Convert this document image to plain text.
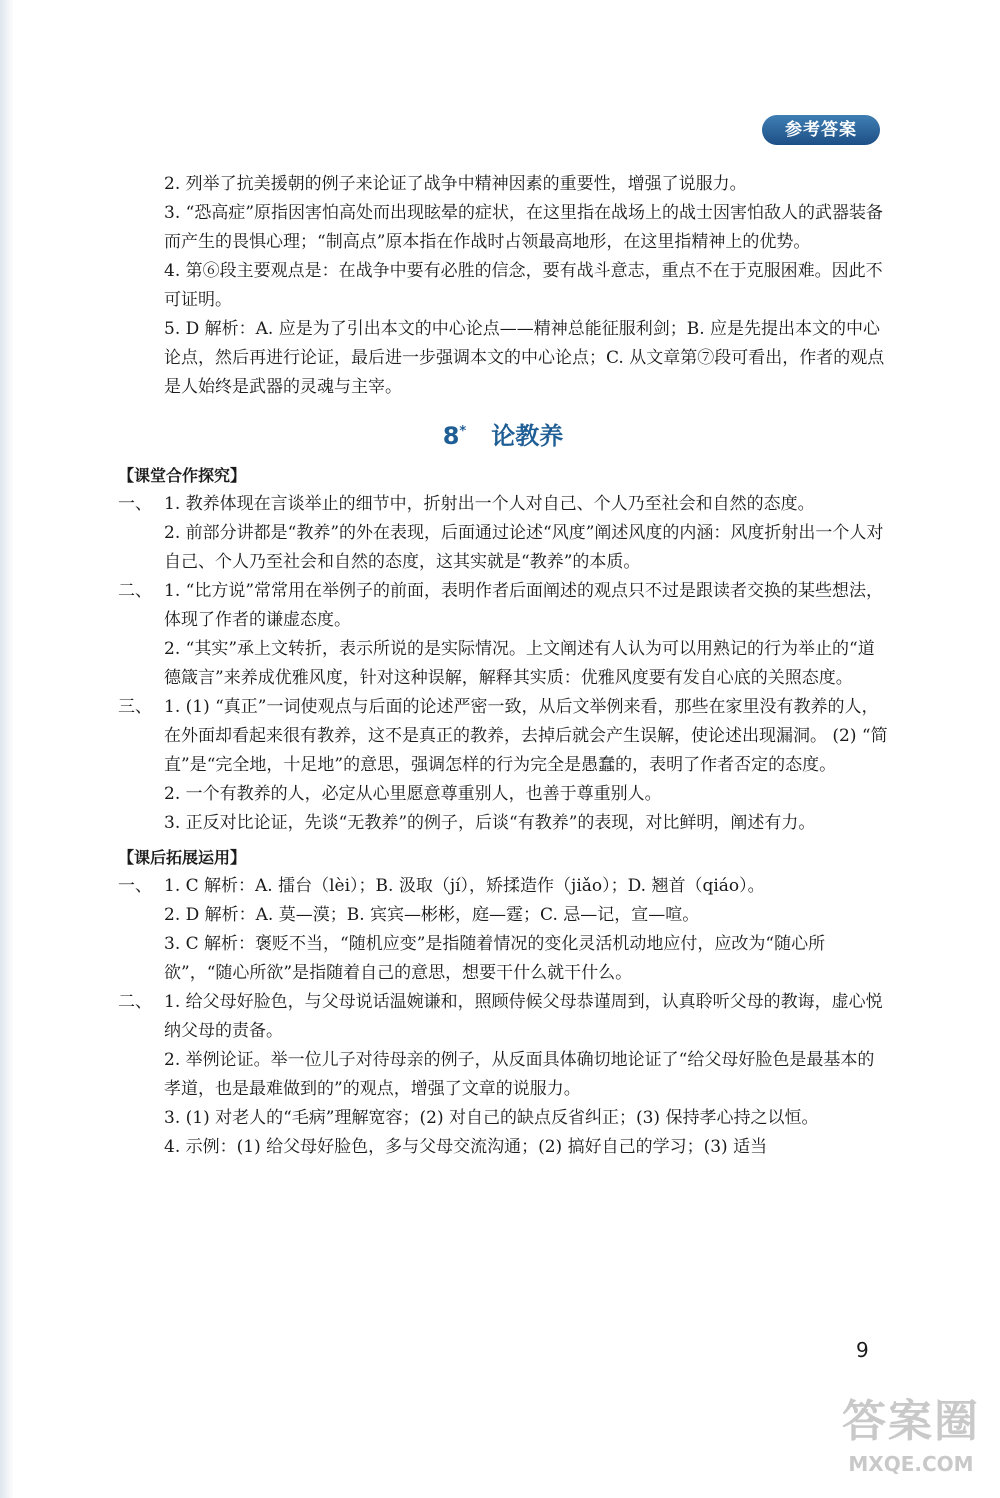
参考答案

2. 列举了抗美援朝的例子来论证了战争中精神因素的重要性，增强了说服力。

3. “恐高症”原指因害怕高处而出现眩晕的症状，在这里指在战场上的战士因害怕敌人的武器装备而产生的畏惧心理；“制高点”原本指在作战时占领最高地形，在这里指精神上的优势。

4. 第⑥段主要观点是：在战争中要有必胜的信念，要有战斗意志，重点不在于克服困难。因此不可证明。

5. D 解析：A. 应是为了引出本文的中心论点——精神总能征服利剑；B. 应是先提出本文的中心论点，然后再进行论证，最后进一步强调本文的中心论点；C. 从文章第⑦段可看出，作者的观点是人始终是武器的灵魂与主宰。

8* 论教养
【课堂合作探究】

一、 1. 教养体现在言谈举止的细节中，折射出一个人对自己、个人乃至社会和自然的态度。

2. 前部分讲都是“教养”的外在表现，后面通过论述“风度”阐述风度的内涵：风度折射出一个人对自己、个人乃至社会和自然的态度，这其实就是“教养”的本质。

二、 1. “比方说”常常用在举例子的前面，表明作者后面阐述的观点只不过是跟读者交换的某些想法，体现了作者的谦虚态度。

2. “其实”承上文转折，表示所说的是实际情况。上文阐述有人认为可以用熟记的行为举止的“道德箴言”来养成优雅风度，针对这种误解，解释其实质：优雅风度要有发自心底的关照态度。

三、 1. (1) “真正”一词使观点与后面的论述严密一致，从后文举例来看，那些在家里没有教养的人，在外面却看起来很有教养，这不是真正的教养，去掉后就会产生误解，使论述出现漏洞。 (2) “简直”是“完全地，十足地”的意思，强调怎样的行为完全是愚蠢的，表明了作者否定的态度。

2. 一个有教养的人，必定从心里愿意尊重别人，也善于尊重别人。

3. 正反对比论证，先谈“无教养”的例子，后谈“有教养”的表现，对比鲜明，阐述有力。

【课后拓展运用】

一、 1. C 解析：A. 擂台（lèi）；B. 汲取（jí），矫揉造作（jiǎo）；D. 翘首（qiáo）。

2. D 解析：A. 莫—漠；B. 宾宾—彬彬，庭—霆；C. 忌—记，宣—喧。

3. C 解析：褒贬不当，“随机应变”是指随着情况的变化灵活机动地应付，应改为“随心所欲”，“随心所欲”是指随着自己的意思，想要干什么就干什么。

二、 1. 给父母好脸色，与父母说话温婉谦和，照顾侍候父母恭谨周到，认真聆听父母的教诲，虚心悦纳父母的责备。

2. 举例论证。举一位儿子对待母亲的例子，从反面具体确切地论证了“给父母好脸色是最基本的孝道，也是最难做到的”的观点，增强了文章的说服力。

3. (1) 对老人的“毛病”理解宽容；(2) 对自己的缺点反省纠正；(3) 保持孝心持之以恒。

4. 示例：(1) 给父母好脸色，多与父母交流沟通；(2) 搞好自己的学习；(3) 适当

9
答案圈
MXQE.COM
